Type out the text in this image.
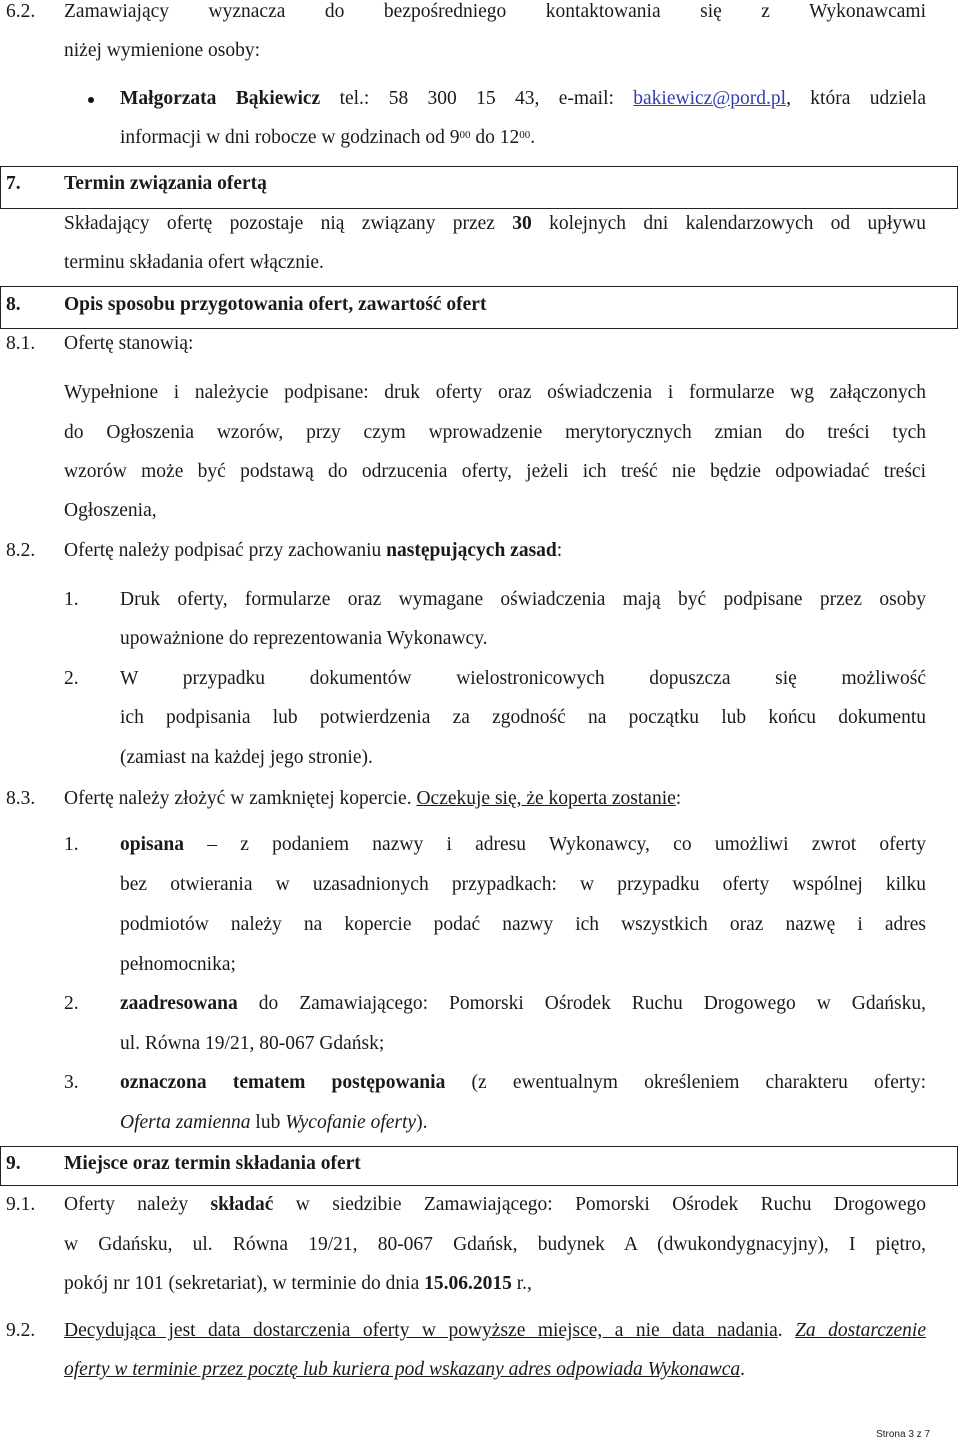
6.2. Zamawiający wyznacza do bezpośredniego kontaktowania się z Wykonawcami
niżej wymienione osoby:
Małgorzata Bąkiewicz tel.: 58 300 15 43, e-mail: bakiewicz@pord.pl, która udziela
informacji w dni robocze w godzinach od $9^{00}$ do $12^{00}$.
7. Termin związania ofertą
Składający ofertę pozostaje nią związany przez 30 kolejnych dni kalendarzowych od upływu
terminu składania ofert włącznie.
8. Opis sposobu przygotowania ofert, zawartość ofert
8.1. Ofertę stanowią:
Wypełnione i należycie podpisane: druk oferty oraz oświadczenia i formularze wg załączonych
do Ogłoszenia wzorów, przy czym wprowadzenie merytorycznych zmian do treści tych
wzorów może być podstawą do odrzucenia oferty, jeżeli ich treść nie będzie odpowiadać treści
Ogłoszenia,
8.2. Ofertę należy podpisać przy zachowaniu następujących zasad:
1. Druk oferty, formularze oraz wymagane oświadczenia mają być podpisane przez osoby
upoważnione do reprezentowania Wykonawcy.
2. W przypadku dokumentów wielostronicowych dopuszcza się możliwość
ich podpisania lub potwierdzenia za zgodność na początku lub końcu dokumentu
(zamiast na każdej jego stronie).
8.3. Ofertę należy złożyć w zamkniętej kopercie. Oczekuje się, że koperta zostanie:
1. opisana – z podaniem nazwy i adresu Wykonawcy, co umożliwi zwrot oferty
bez otwierania w uzasadnionych przypadkach: w przypadku oferty wspólnej kilku
podmiotów należy na kopercie podać nazwy ich wszystkich oraz nazwę i adres
pełnomocnika;
2. zaadresowana do Zamawiającego: Pomorski Ośrodek Ruchu Drogowego w Gdańsku,
ul. Równa 19/21, 80-067 Gdańsk;
3. oznaczona tematem postępowania (z ewentualnym określeniem charakteru oferty:
Oferta zamienna lub Wycofanie oferty).
9. Miejsce oraz termin składania ofert
9.1. Oferty należy składać w siedzibie Zamawiającego: Pomorski Ośrodek Ruchu Drogowego
w Gdańsku, ul. Równa 19/21, 80-067 Gdańsk, budynek A (dwukondygnacyjny), I piętro,
pokój nr 101 (sekretariat), w terminie do dnia 15.06.2015 r.,
9.2. Decydująca jest data dostarczenia oferty w powyższe miejsce, a nie data nadania. Za dostarczenie
oferty w terminie przez pocztę lub kuriera pod wskazany adres odpowiada Wykonawca.
Strona 3 z 7
